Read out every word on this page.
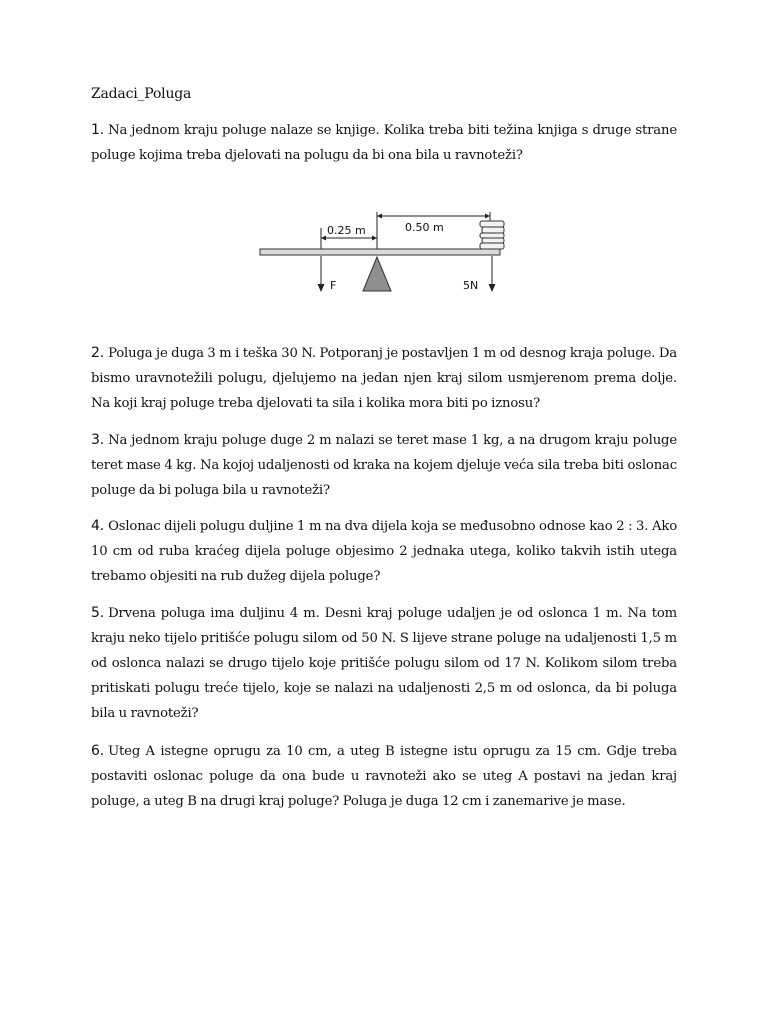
Zadaci_Poluga
1. Na jednom kraju poluge nalaze se knjige. Kolika treba biti težina knjiga s druge strane poluge kojima treba djelovati na polugu da bi ona bila u ravnoteži?
0.25 m	0.50 m
F	5N
2. Poluga je duga 3 m i teška 30 N. Potporanj je postavljen 1 m od desnog kraja poluge. Da bismo uravnotežili polugu, djelujemo na jedan njen kraj silom usmjerenom prema dolje. Na koji kraj poluge treba djelovati ta sila i kolika mora biti po iznosu?
3. Na jednom kraju poluge duge 2 m nalazi se teret mase 1 kg, a na drugom kraju poluge teret mase 4 kg. Na kojoj udaljenosti od kraka na kojem djeluje veća sila treba biti oslonac poluge da bi poluga bila u ravnoteži?
4. Oslonac dijeli polugu duljine 1 m na dva dijela koja se međusobno odnose kao 2 : 3. Ako 10 cm od ruba kraćeg dijela poluge objesimo 2 jednaka utega, koliko takvih istih utega trebamo objesiti na rub dužeg dijela poluge?
5. Drvena poluga ima duljinu 4 m. Desni kraj poluge udaljen je od oslonca 1 m. Na tom kraju neko tijelo pritišće polugu silom od 50 N. S lijeve strane poluge na udaljenosti 1,5 m od oslonca nalazi se drugo tijelo koje pritišće polugu silom od 17 N. Kolikom silom treba pritiskati polugu treće tijelo, koje se nalazi na udaljenosti 2,5 m od oslonca, da bi poluga bila u ravnoteži?
6. Uteg A istegne oprugu za 10 cm, a uteg B istegne istu oprugu za 15 cm. Gdje treba postaviti oslonac poluge da ona bude u ravnoteži ako se uteg A postavi na jedan kraj poluge, a uteg B na drugi kraj poluge? Poluga je duga 12 cm i zanemarive je mase.
